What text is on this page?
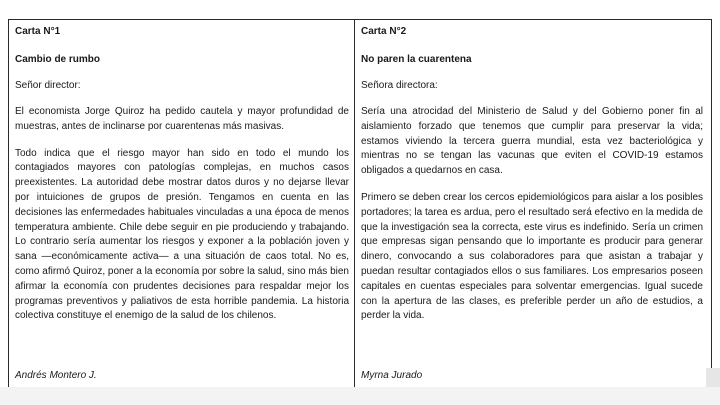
Carta N°1

Cambio de rumbo

Señor director:

El economista Jorge Quiroz ha pedido cautela y mayor profundidad de muestras, antes de inclinarse por cuarentenas más masivas.

Todo indica que el riesgo mayor han sido en todo el mundo los contagiados mayores con patologías complejas, en muchos casos preexistentes. La autoridad debe mostrar datos duros y no dejarse llevar por intuiciones de grupos de presión. Tengamos en cuenta en las decisiones las enfermedades habituales vinculadas a una época de menos temperatura ambiente. Chile debe seguir en pie produciendo y trabajando. Lo contrario sería aumentar los riesgos y exponer a la población joven y sana —económicamente activa— a una situación de caos total. No es, como afirmó Quiroz, poner a la economía por sobre la salud, sino más bien afirmar la economía con prudentes decisiones para respaldar mejor los programas preventivos y paliativos de esta horrible pandemia. La historia colectiva constituye el enemigo de la salud de los chilenos.

Andrés Montero J.

Carta N°2

No paren la cuarentena

Señora directora:

Sería una atrocidad del Ministerio de Salud y del Gobierno poner fin al aislamiento forzado que tenemos que cumplir para preservar la vida; estamos viviendo la tercera guerra mundial, esta vez bacteriológica y mientras no se tengan las vacunas que eviten el COVID-19 estamos obligados a quedarnos en casa.

Primero se deben crear los cercos epidemiológicos para aislar a los posibles portadores; la tarea es ardua, pero el resultado será efectivo en la medida de que la investigación sea la correcta, este virus es indefinido. Sería un crimen que empresas sigan pensando que lo importante es producir para generar dinero, convocando a sus colaboradores para que asistan a trabajar y puedan resultar contagiados ellos o sus familiares. Los empresarios poseen capitales en cuentas especiales para solventar emergencias. Igual sucede con la apertura de las clases, es preferible perder un año de estudios, a perder la vida.

Myrna Jurado
